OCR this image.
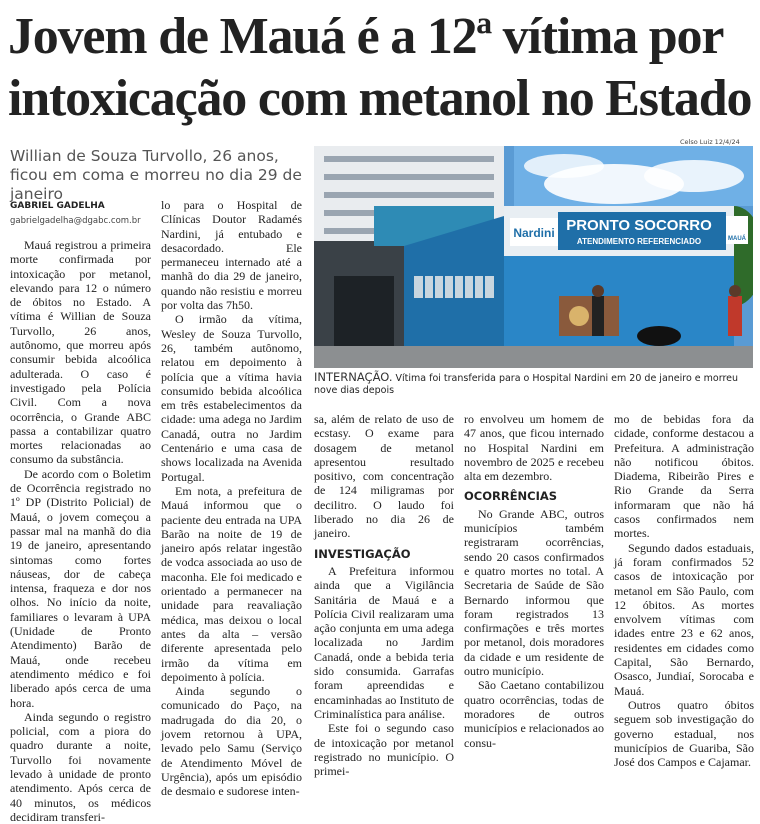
Jovem de Mauá é a 12ª vítima por intoxicação com metanol no Estado

Willian de Souza Turvollo, 26 anos, ficou em coma e morreu no dia 29 de janeiro

GABRIEL GADELHA
gabrielgadelha@dgabc.com.br

Mauá registrou a primeira morte confirmada por intoxicação por metanol, elevando para 12 o número de óbitos no Estado. A vítima é Willian de Souza Turvollo, 26 anos, autônomo, que morreu após consumir bebida alcoólica adulterada. O caso é investigado pela Polícia Civil. Com a nova ocorrência, o Grande ABC passa a contabilizar quatro mortes relacionadas ao consumo da substância.

De acordo com o Boletim de Ocorrência registrado no 1º DP (Distrito Policial) de Mauá, o jovem começou a passar mal na manhã do dia 19 de janeiro, apresentando sintomas como fortes náuseas, dor de cabeça intensa, fraqueza e dor nos olhos. No início da noite, familiares o levaram à UPA (Unidade de Pronto Atendimento) Barão de Mauá, onde recebeu atendimento médico e foi liberado após cerca de uma hora.

Ainda segundo o registro policial, com a piora do quadro durante a noite, Turvollo foi novamente levado à unidade de pronto atendimento. Após cerca de 40 minutos, os médicos decidiram transferi-

lo para o Hospital de Clínicas Doutor Radamés Nardini, já entubado e desacordado. Ele permaneceu internado até a manhã do dia 29 de janeiro, quando não resistiu e morreu por volta das 7h50.

O irmão da vítima, Wesley de Souza Turvollo, 26, também autônomo, relatou em depoimento à polícia que a vítima havia consumido bebida alcoólica em três estabelecimentos da cidade: uma adega no Jardim Canadá, outra no Jardim Centenário e uma casa de shows localizada na Avenida Portugal.

Em nota, a prefeitura de Mauá informou que o paciente deu entrada na UPA Barão na noite de 19 de janeiro após relatar ingestão de vodca associada ao uso de maconha. Ele foi medicado e orientado a permanecer na unidade para reavaliação médica, mas deixou o local antes da alta – versão diferente apresentada pelo irmão da vítima em depoimento à polícia.

Ainda segundo o comunicado do Paço, na madrugada do dia 20, o jovem retornou à UPA, levado pelo Samu (Serviço de Atendimento Móvel de Urgência), após um episódio de desmaio e sudorese inten-

Celso Luiz 12/4/24
Nardini PRONTO SOCORRO
ATENDIMENTO REFERENCIADO	MAUÁ
INTERNAÇÃO. Vítima foi transferida para o Hospital Nardini em 20 de janeiro e morreu nove dias depois

sa, além de relato de uso de ecstasy. O exame para dosagem de metanol apresentou resultado positivo, com concentração de 124 miligramas por decilitro. O laudo foi liberado no dia 26 de janeiro.

INVESTIGAÇÃO

A Prefeitura informou ainda que a Vigilância Sanitária de Mauá e a Polícia Civil realizaram uma ação conjunta em uma adega localizada no Jardim Canadá, onde a bebida teria sido consumida. Garrafas foram apreendidas e encaminhadas ao Instituto de Criminalística para análise.

Este foi o segundo caso de intoxicação por metanol registrado no município. O primei-

ro envolveu um homem de 47 anos, que ficou internado no Hospital Nardini em novembro de 2025 e recebeu alta em dezembro.

OCORRÊNCIAS

No Grande ABC, outros municípios também registraram ocorrências, sendo 20 casos confirmados e quatro mortes no total. A Secretaria de Saúde de São Bernardo informou que foram registrados 13 confirmações e três mortes por metanol, dois moradores da cidade e um residente de outro município.

São Caetano contabilizou quatro ocorrências, todas de moradores de outros municípios e relacionados ao consu-

mo de bebidas fora da cidade, conforme destacou a Prefeitura. A administração não notificou óbitos. Diadema, Ribeirão Pires e Rio Grande da Serra informaram que não há casos confirmados nem mortes.

Segundo dados estaduais, já foram confirmados 52 casos de intoxicação por metanol em São Paulo, com 12 óbitos. As mortes envolvem vítimas com idades entre 23 e 62 anos, residentes em cidades como Capital, São Bernardo, Osasco, Jundiaí, Sorocaba e Mauá.

Outros quatro óbitos seguem sob investigação do governo estadual, nos municípios de Guariba, São José dos Campos e Cajamar.
